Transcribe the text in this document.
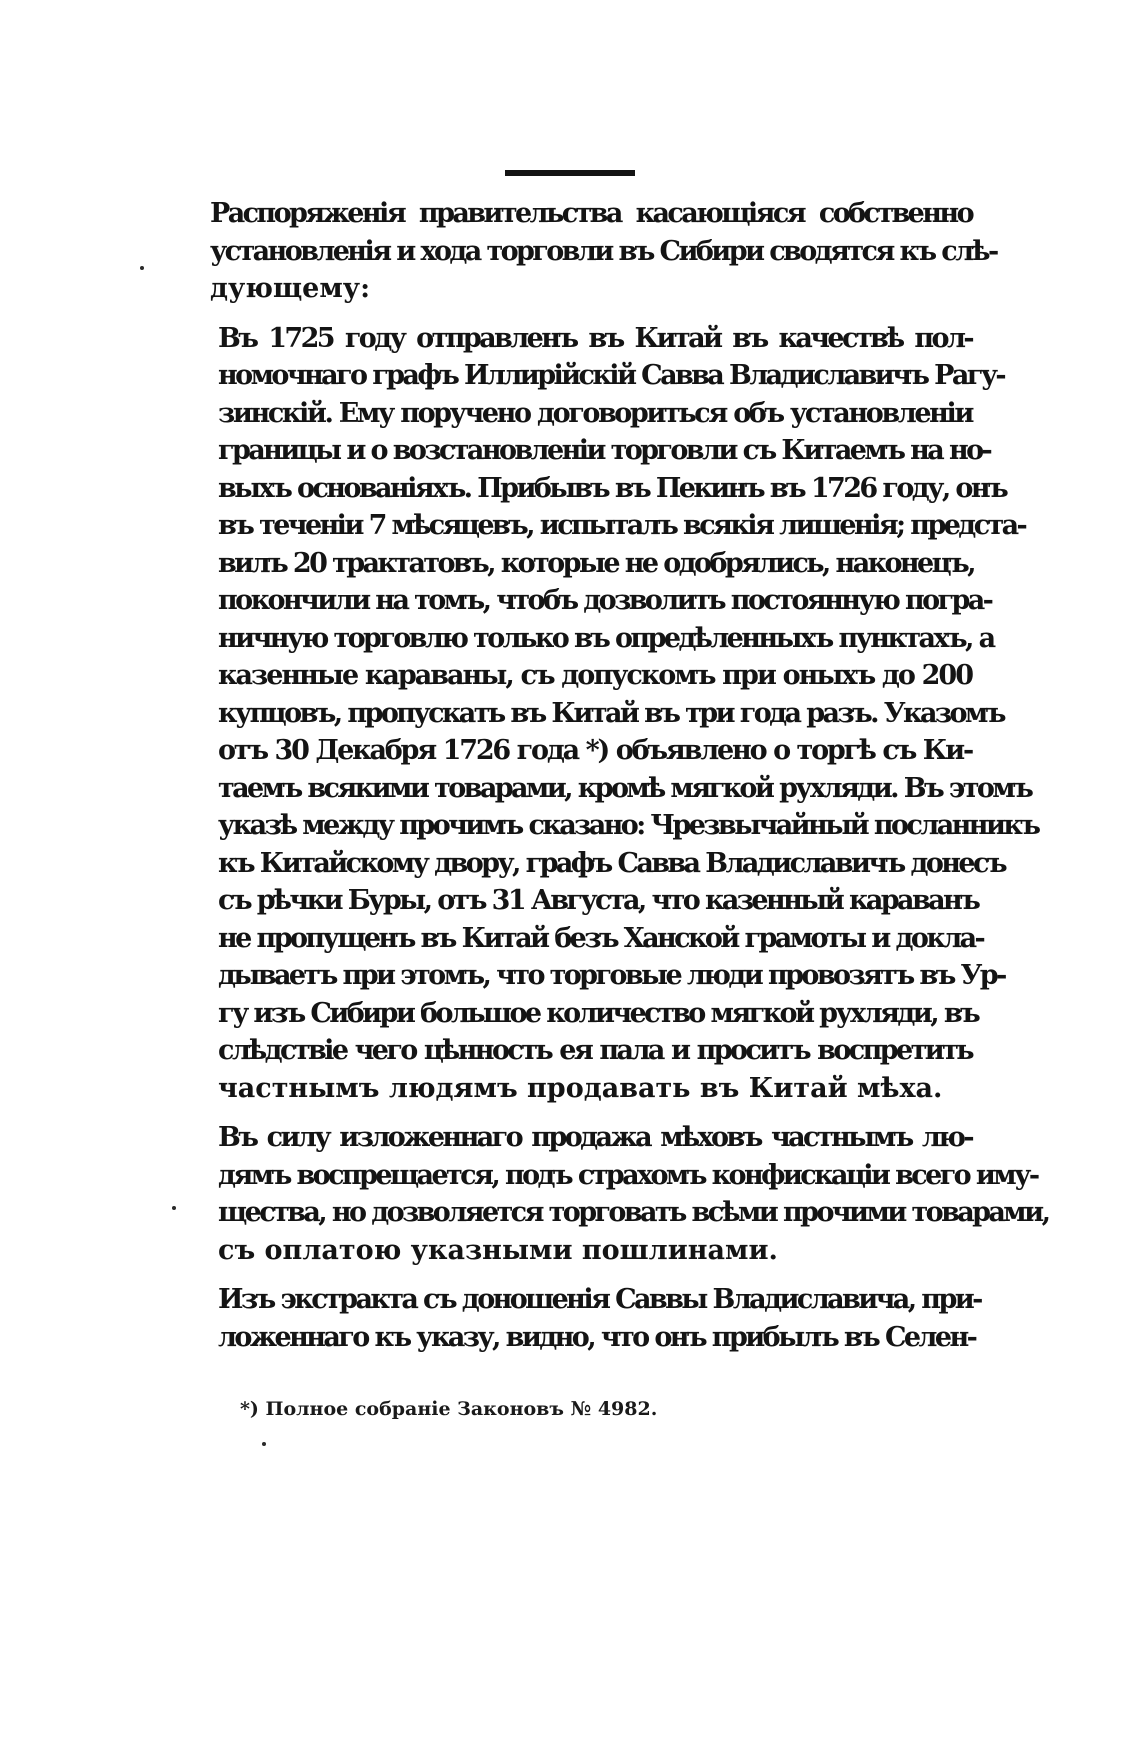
Распоряженія правительства касающіяся собственно
установленія и хода торговли въ Сибири сводятся къ слѣ-
дующему:

Въ 1725 году отправленъ въ Китай въ качествѣ пол-
номочнаго графъ Иллирійскій Савва Владиславичъ Рагу-
зинскій. Ему поручено договориться объ установленіи
границы и о возстановленіи торговли съ Китаемъ на но-
выхъ основаніяхъ. Прибывъ въ Пекинъ въ 1726 году, онъ
въ теченіи 7 мѣсяцевъ, испыталъ всякія лишенія; предста-
вилъ 20 трактатовъ, которые не одобрялись, наконецъ,
покончили на томъ, чтобъ дозволить постоянную погра-
ничную торговлю только въ опредѣленныхъ пунктахъ, а
казенные караваны, съ допускомъ при оныхъ до 200
купцовъ, пропускать въ Китай въ три года разъ. Указомъ
отъ 30 Декабря 1726 года *) объявлено о торгѣ съ Ки-
таемъ всякими товарами, кромѣ мягкой рухляди. Въ этомъ
указѣ между прочимъ сказано: Чрезвычайный посланникъ
къ Китайскому двору, графъ Савва Владиславичъ донесъ
съ рѣчки Буры, отъ 31 Августа, что казенный караванъ
не пропущенъ въ Китай безъ Ханской грамоты и докла-
дываетъ при этомъ, что торговые люди провозятъ въ Ур-
гу изъ Сибири большое количество мягкой рухляди, въ
слѣдствіе чего цѣнность ея пала и проситъ воспретить
частнымъ людямъ продавать въ Китай мѣха.

Въ силу изложеннаго продажа мѣховъ частнымъ лю-
дямъ воспрещается, подъ страхомъ конфискаціи всего иму-
щества, но дозволяется торговать всѣми прочими товарами,
съ оплатою указными пошлинами.

Изъ экстракта съ доношенія Саввы Владиславича, при-
ложеннаго къ указу, видно, что онъ прибылъ въ Селен-

*) Полное собраніе Законовъ № 4982.
